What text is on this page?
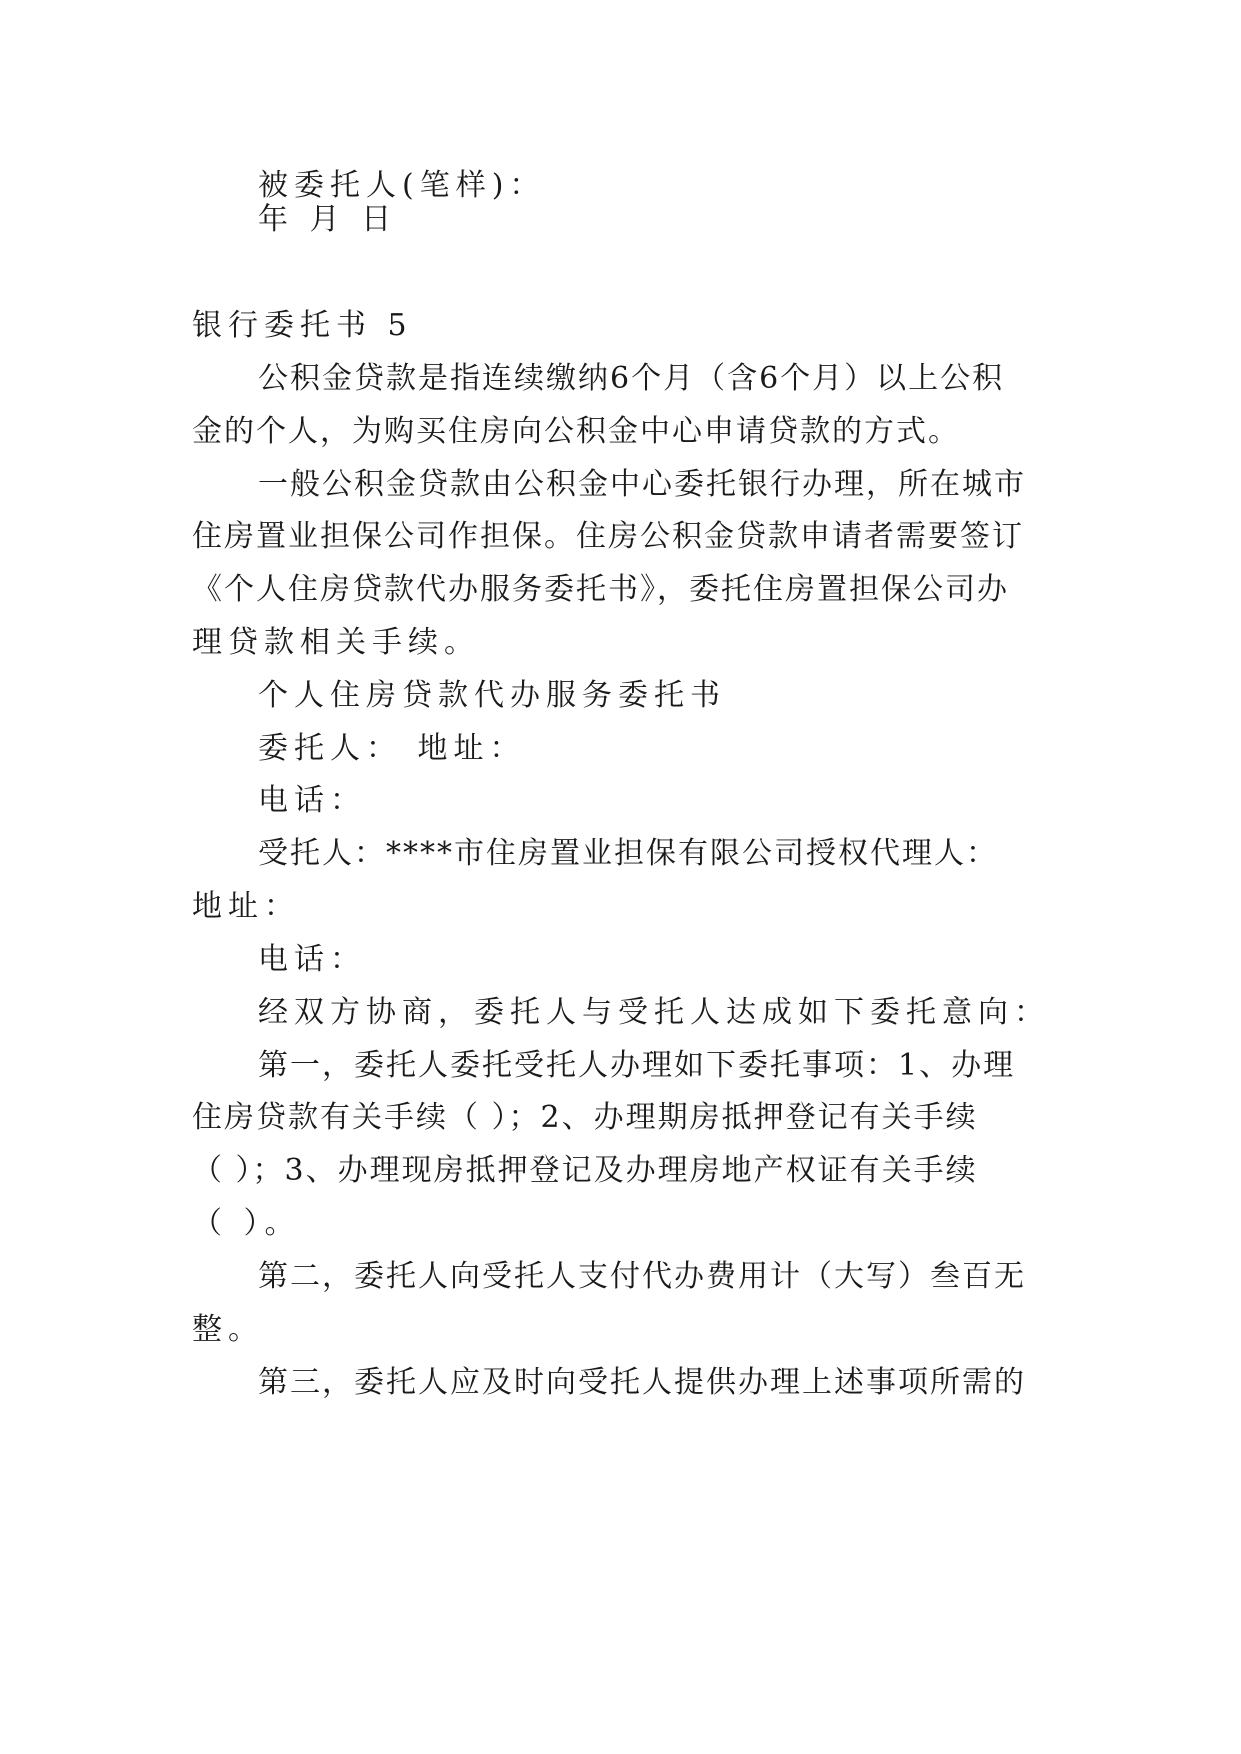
被委托人(笔样)：
年 月 日
银行委托书 5
公积金贷款是指连续缴纳6个月（含6个月）以上公积
金的个人，为购买住房向公积金中心申请贷款的方式。
一般公积金贷款由公积金中心委托银行办理，所在城市
住房置业担保公司作担保。住房公积金贷款申请者需要签订
《个人住房贷款代办服务委托书》，委托住房置担保公司办
理贷款相关手续。
个人住房贷款代办服务委托书
委托人： 地址：
电话：
受托人：****市住房置业担保有限公司授权代理人：
地址：
电话：
经双方协商，委托人与受托人达成如下委托意向：
第一，委托人委托受托人办理如下委托事项：1、办理
住房贷款有关手续（ ）；2、办理期房抵押登记有关手续
（ ）；3、办理现房抵押登记及办理房地产权证有关手续
（ ）。
第二，委托人向受托人支付代办费用计（大写）叁百无
整。
第三，委托人应及时向受托人提供办理上述事项所需的
